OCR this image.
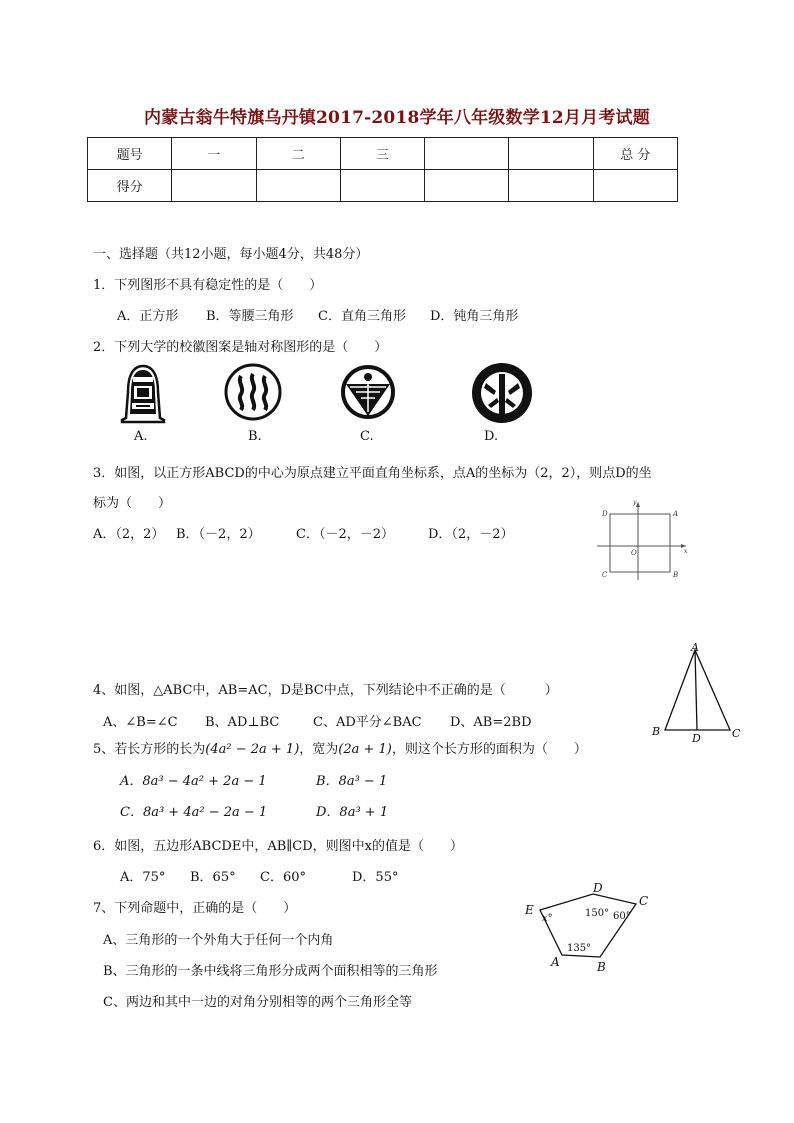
内蒙古翁牛特旗乌丹镇2017-2018学年八年级数学12月月考试题
题号	一	二	三			总 分
得分						
一、选择题（共12小题，每小题4分，共48分）
1．下列图形不具有稳定性的是（　　）
A．正方形 B．等腰三角形 C．直角三角形 D．钝角三角形
2．下列大学的校徽图案是轴对称图形的是（　　）
A.	B.	C.	D.
3．如图，以正方形ABCD的中心为原点建立平面直角坐标系，点A的坐标为（2，2），则点D的坐
标为（　　）
A．（2，2） B．（－2，2）	C．（－2，－2）	D．（2，－2）
D	A
C	B
O	x
y
4、如图，△ABC中，AB=AC，D是BC中点，下列结论中不正确的是（　　　）
A、∠B=∠C B、AD⊥BC	C、AD平分∠BAC D、AB=2BD
A
B
D	C
5、若长方形的长为(4a² − 2a + 1)，宽为(2a + 1)，则这个长方形的面积为（　　）
A．8a³ − 4a² + 2a − 1	B．8a³ − 1
C．8a³ + 4a² − 2a − 1	D．8a³ + 1
6．如图，五边形ABCDE中，AB∥CD，则图中x的值是（　　）
A．75° B．65° C．60°	D．55°
E
D
C
A	B
x°	150° 60°
135°
7、下列命题中，正确的是（　　）
A、三角形的一个外角大于任何一个内角
B、三角形的一条中线将三角形分成两个面积相等的三角形
C、两边和其中一边的对角分别相等的两个三角形全等
